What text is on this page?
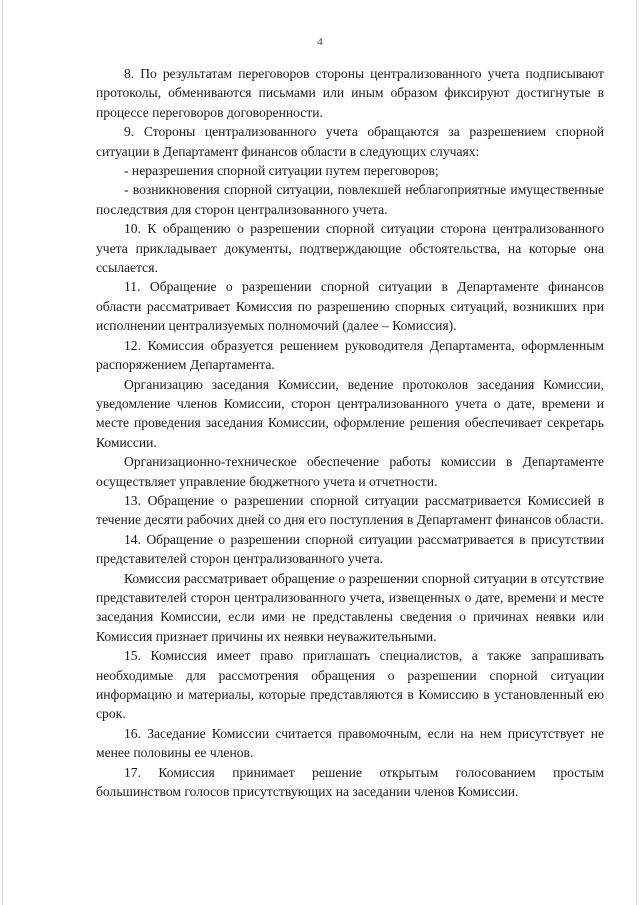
4

8. По результатам переговоров стороны централизованного учета подписывают протоколы, обмениваются письмами или иным образом фиксируют достигнутые в процессе переговоров договоренности.

9. Стороны централизованного учета обращаются за разрешением спорной ситуации в Департамент финансов области в следующих случаях:

- неразрешения спорной ситуации путем переговоров;

- возникновения спорной ситуации, повлекшей неблагоприятные имущественные последствия для сторон централизованного учета.

10. К обращению о разрешении спорной ситуации сторона централизованного учета прикладывает документы, подтверждающие обстоятельства, на которые она ссылается.

11. Обращение о разрешении спорной ситуации в Департаменте финансов области рассматривает Комиссия по разрешению спорных ситуаций, возникших при исполнении централизуемых полномочий (далее – Комиссия).

12. Комиссия образуется решением руководителя Департамента, оформленным распоряжением Департамента.

Организацию заседания Комиссии, ведение протоколов заседания Комиссии, уведомление членов Комиссии, сторон централизованного учета о дате, времени и месте проведения заседания Комиссии, оформление решения обеспечивает секретарь Комиссии.

Организационно-техническое обеспечение работы комиссии в Департаменте осуществляет управление бюджетного учета и отчетности.

13. Обращение о разрешении спорной ситуации рассматривается Комиссией в течение десяти рабочих дней со дня его поступления в Департамент финансов области.

14. Обращение о разрешении спорной ситуации рассматривается в присутствии представителей сторон централизованного учета.

Комиссия рассматривает обращение о разрешении спорной ситуации в отсутствие представителей сторон централизованного учета, извещенных о дате, времени и месте заседания Комиссии, если ими не представлены сведения о причинах неявки или Комиссия признает причины их неявки неуважительными.

15. Комиссия имеет право приглашать специалистов, а также запрашивать необходимые для рассмотрения обращения о разрешении спорной ситуации информацию и материалы, которые представляются в Комиссию в установленный ею срок.

16. Заседание Комиссии считается правомочным, если на нем присутствует не менее половины ее членов.

17. Комиссия принимает решение открытым голосованием простым большинством голосов присутствующих на заседании членов Комиссии.
